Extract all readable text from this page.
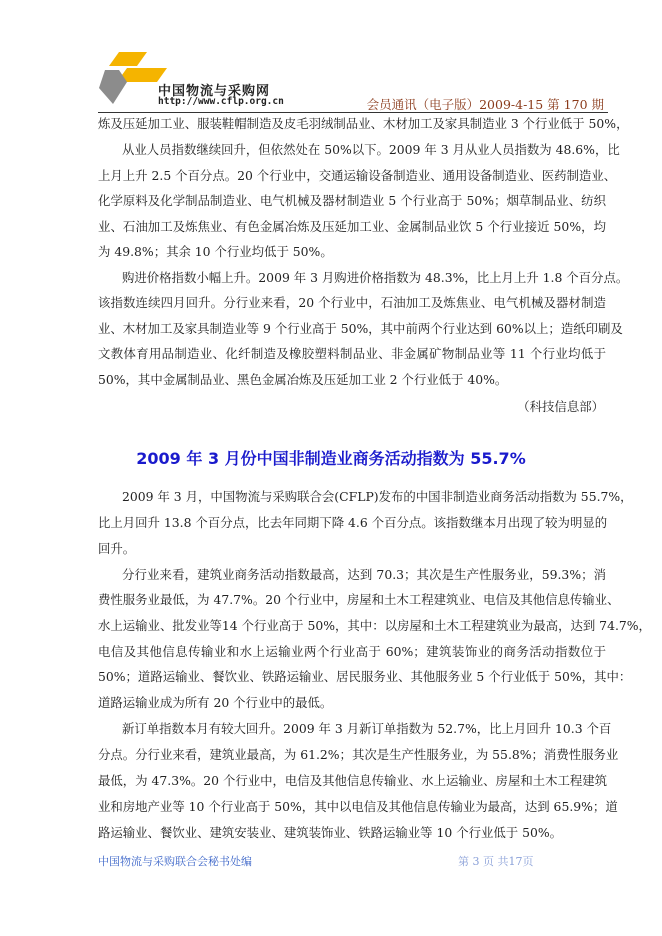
中国物流与采购网
http://www.cflp.org.cn	会员通讯（电子版）2009-4-15 第 170 期
炼及压延加工业、服装鞋帽制造及皮毛羽绒制品业、木材加工及家具制造业 3 个行业低于 50%，
从业人员指数继续回升，但依然处在 50%以下。2009 年 3 月从业人员指数为 48.6%，比
上月上升 2.5 个百分点。20 个行业中，交通运输设备制造业、通用设备制造业、医药制造业、
化学原料及化学制品制造业、电气机械及器材制造业 5 个行业高于 50%；烟草制品业、纺织
业、石油加工及炼焦业、有色金属冶炼及压延加工业、金属制品业饮 5 个行业接近 50%，均
为 49.8%；其余 10 个行业均低于 50%。
购进价格指数小幅上升。2009 年 3 月购进价格指数为 48.3%，比上月上升 1.8 个百分点。
该指数连续四月回升。分行业来看，20 个行业中，石油加工及炼焦业、电气机械及器材制造
业、木材加工及家具制造业等 9 个行业高于 50%，其中前两个行业达到 60%以上；造纸印刷及
文教体育用品制造业、化纤制造及橡胶塑料制品业、非金属矿物制品业等 11 个行业均低于
50%，其中金属制品业、黑色金属冶炼及压延加工业 2 个行业低于 40%。
（科技信息部）
2009 年 3 月份中国非制造业商务活动指数为 55.7%
2009 年 3 月，中国物流与采购联合会(CFLP)发布的中国非制造业商务活动指数为 55.7%，
比上月回升 13.8 个百分点，比去年同期下降 4.6 个百分点。该指数继本月出现了较为明显的
回升。
分行业来看，建筑业商务活动指数最高，达到 70.3；其次是生产性服务业，59.3%；消
费性服务业最低，为 47.7%。20 个行业中，房屋和土木工程建筑业、电信及其他信息传输业、
水上运输业、批发业等14 个行业高于 50%，其中：以房屋和土木工程建筑业为最高，达到 74.7%，
电信及其他信息传输业和水上运输业两个行业高于 60%；建筑装饰业的商务活动指数位于
50%；道路运输业、餐饮业、铁路运输业、居民服务业、其他服务业 5 个行业低于 50%，其中：
道路运输业成为所有 20 个行业中的最低。
新订单指数本月有较大回升。2009 年 3 月新订单指数为 52.7%，比上月回升 10.3 个百
分点。分行业来看，建筑业最高，为 61.2%；其次是生产性服务业，为 55.8%；消费性服务业
最低，为 47.3%。20 个行业中，电信及其他信息传输业、水上运输业、房屋和土木工程建筑
业和房地产业等 10 个行业高于 50%，其中以电信及其他信息传输业为最高，达到 65.9%；道
路运输业、餐饮业、建筑安装业、建筑装饰业、铁路运输业等 10 个行业低于 50%。
中国物流与采购联合会秘书处编	第 3 页 共17页
